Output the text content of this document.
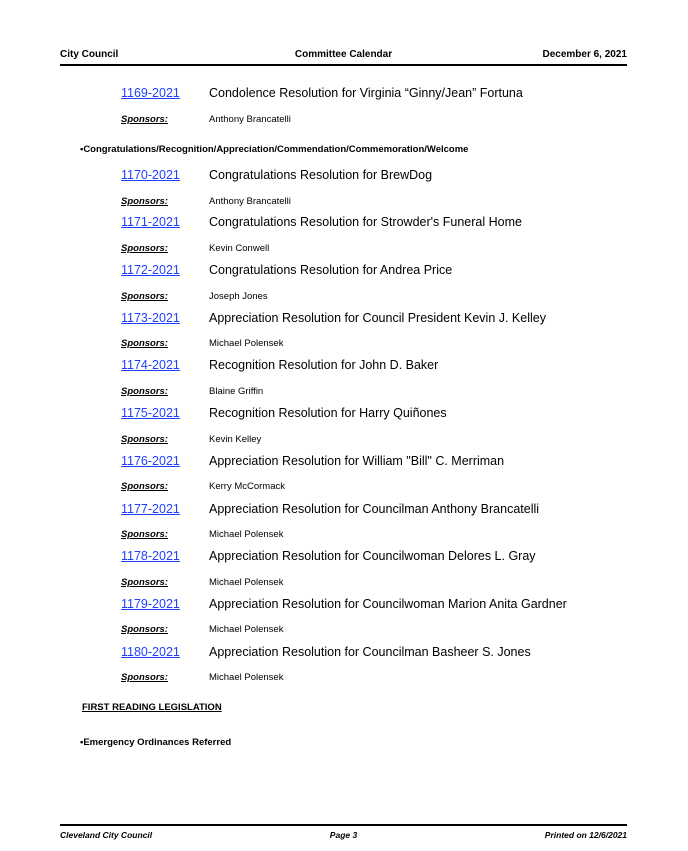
City Council	Committee Calendar	December 6, 2021
1169-2021 Condolence Resolution for Virginia “Ginny/Jean” Fortuna
Sponsors:	Anthony Brancatelli
•Congratulations/Recognition/Appreciation/Commendation/Commemoration/Welcome
1170-2021 Congratulations Resolution for BrewDog
Sponsors:	Anthony Brancatelli
1171-2021 Congratulations Resolution for Strowder's Funeral Home
Sponsors:	Kevin Conwell
1172-2021 Congratulations Resolution for Andrea Price
Sponsors:	Joseph Jones
1173-2021 Appreciation Resolution for Council President Kevin J. Kelley
Sponsors:	Michael Polensek
1174-2021 Recognition Resolution for John D. Baker
Sponsors:	Blaine Griffin
1175-2021 Recognition Resolution for Harry Quiñones
Sponsors:	Kevin Kelley
1176-2021 Appreciation Resolution for William "Bill" C. Merriman
Sponsors:	Kerry McCormack
1177-2021 Appreciation Resolution for Councilman Anthony Brancatelli
Sponsors:	Michael Polensek
1178-2021 Appreciation Resolution for Councilwoman Delores L. Gray
Sponsors:	Michael Polensek
1179-2021 Appreciation Resolution for Councilwoman Marion Anita Gardner
Sponsors:	Michael Polensek
1180-2021 Appreciation Resolution for Councilman Basheer S. Jones
Sponsors:	Michael Polensek
FIRST READING LEGISLATION
•Emergency Ordinances Referred
Cleveland City Council	Page 3	Printed on 12/6/2021
